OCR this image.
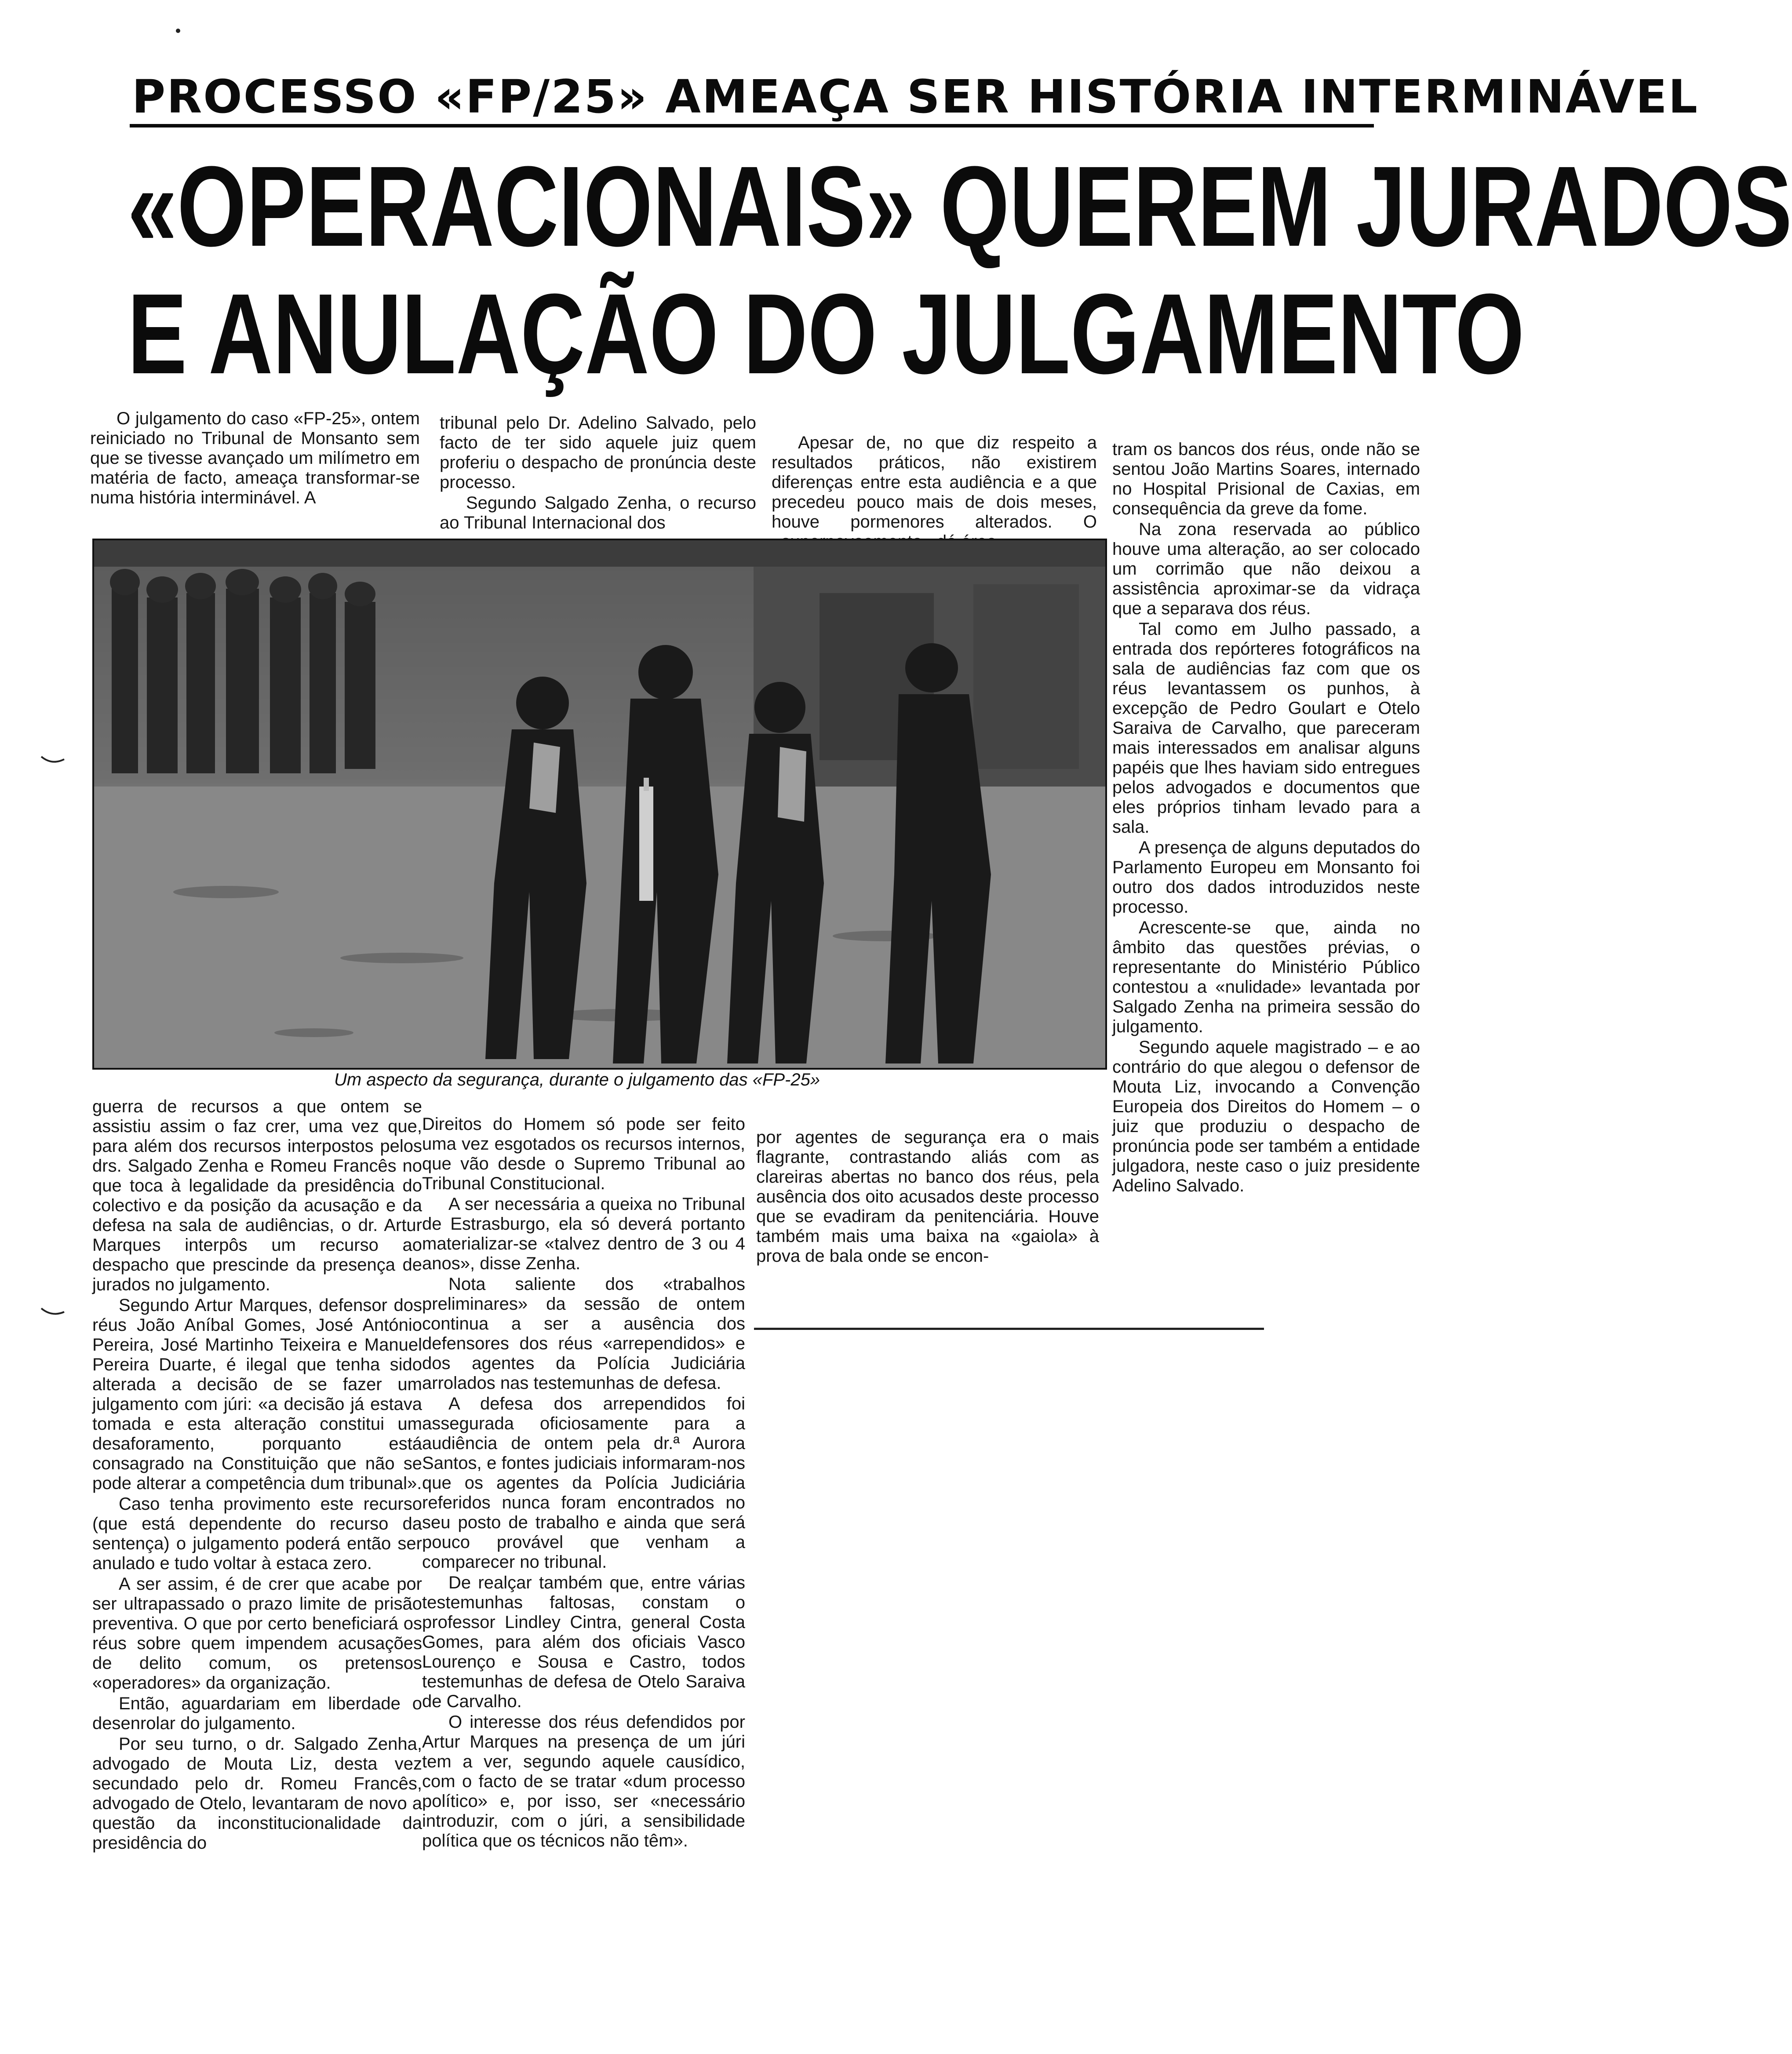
PROCESSO «FP/25» AMEAÇA SER HISTÓRIA INTERMINÁVEL
«OPERACIONAIS» QUEREM JURADOS
E ANULAÇÃO DO JULGAMENTO

O julgamento do caso «FP-25», ontem reiniciado no Tribunal de Monsanto sem que se tivesse avançado um milímetro em matéria de facto, ameaça transformar-se numa história interminável. A

tribunal pelo Dr. Adelino Salvado, pelo facto de ter sido aquele juiz quem proferiu o despacho de pronúncia deste processo.

Segundo Salgado Zenha, o recurso ao Tribunal Internacional dos

Apesar de, no que diz respeito a resultados práticos, não existirem diferenças entre esta audiência e a que precedeu pouco mais de dois meses, houve pormenores alterados. O

tram os bancos dos réus, onde não se sentou João Martins Soares, internado no Hospital Prisional de Caxias, em consequência da greve da fome.

Na zona reservada ao público houve uma alteração, ao ser colocado um corrimão que não deixou a assistência aproximar-se da vidraça que a separava dos réus.

Tal como em Julho passado, a entrada dos repórteres fotográficos na sala de audiências faz com que os réus levantassem os punhos, à excepção de Pedro Goulart e Otelo Saraiva de Carvalho, que pareceram mais interessados em analisar alguns papéis que lhes haviam sido entregues pelos advogados e documentos que eles próprios tinham levado para a sala.

A presença de alguns deputados do Parlamento Europeu em Monsanto foi outro dos dados introduzidos neste processo.

Acrescente-se que, ainda no âmbito das questões prévias, o representante do Ministério Público contestou a «nulidade» levantada por Salgado Zenha na primeira sessão do julgamento.

Segundo aquele magistrado – e ao contrário do que alegou o defensor de Mouta Liz, invocando a Convenção Europeia dos Direitos do Homem – o juiz que produziu o despacho de pronúncia pode ser também a entidade julgadora, neste caso o juiz presidente Adelino Salvado.

Um aspecto da segurança, durante o julgamento das «FP-25»

guerra de recursos a que ontem se assistiu assim o faz crer, uma vez que, para além dos recursos interpostos pelos drs. Salgado Zenha e Romeu Francês no que toca à legalidade da presidência do colectivo e da posição da acusação e da defesa na sala de audiências, o dr. Artur Marques interpôs um recurso ao despacho que prescinde da presença de jurados no julgamento.

Segundo Artur Marques, defensor dos réus João Aníbal Gomes, José António Pereira, José Martinho Teixeira e Manuel Pereira Duarte, é ilegal que tenha sido alterada a decisão de se fazer um julgamento com júri: «a decisão já estava tomada e esta alteração constitui um desaforamento, porquanto está consagrado na Constituição que não se pode alterar a competência dum tribunal».

Caso tenha provimento este recurso (que está dependente do recurso da sentença) o julgamento poderá então ser anulado e tudo voltar à estaca zero.

A ser assim, é de crer que acabe por ser ultrapassado o prazo limite de prisão preventiva. O que por certo beneficiará os réus sobre quem impendem acusações de delito comum, os pretensos «operadores» da organização.

Então, aguardariam em liberdade o desenrolar do julgamento.

Por seu turno, o dr. Salgado Zenha, advogado de Mouta Liz, desta vez secundado pelo dr. Romeu Francês, advogado de Otelo, levantaram de novo a questão da inconstitucionalidade da presidência do

Direitos do Homem só pode ser feito uma vez esgotados os recursos internos, que vão desde o Supremo Tribunal ao Tribunal Constitucional.

A ser necessária a queixa no Tribunal de Estrasburgo, ela só deverá portanto materializar-se «talvez dentro de 3 ou 4 anos», disse Zenha.

Nota saliente dos «trabalhos preliminares» da sessão de ontem continua a ser a ausência dos defensores dos réus «arrependidos» e dos agentes da Polícia Judiciária arrolados nas testemunhas de defesa.

A defesa dos arrependidos foi assegurada oficiosamente para a audiência de ontem pela dr.ª Aurora Santos, e fontes judiciais informaram-nos que os agentes da Polícia Judiciária referidos nunca foram encontrados no seu posto de trabalho e ainda que será pouco provável que venham a comparecer no tribunal.

De realçar também que, entre várias testemunhas faltosas, constam o professor Lindley Cintra, general Costa Gomes, para além dos oficiais Vasco Lourenço e Sousa e Castro, todos testemunhas de defesa de Otelo Saraiva de Carvalho.

O interesse dos réus defendidos por Artur Marques na presença de um júri tem a ver, segundo aquele causídico, com o facto de se tratar «dum processo político» e, por isso, ser «necessário introduzir, com o júri, a sensibilidade política que os técnicos não têm».

por agentes de segurança era o mais flagrante, contrastando aliás com as clareiras abertas no banco dos réus, pela ausência dos oito acusados deste processo que se evadiram da penitenciária. Houve também mais uma baixa na «gaiola» à prova de bala onde se encon-
